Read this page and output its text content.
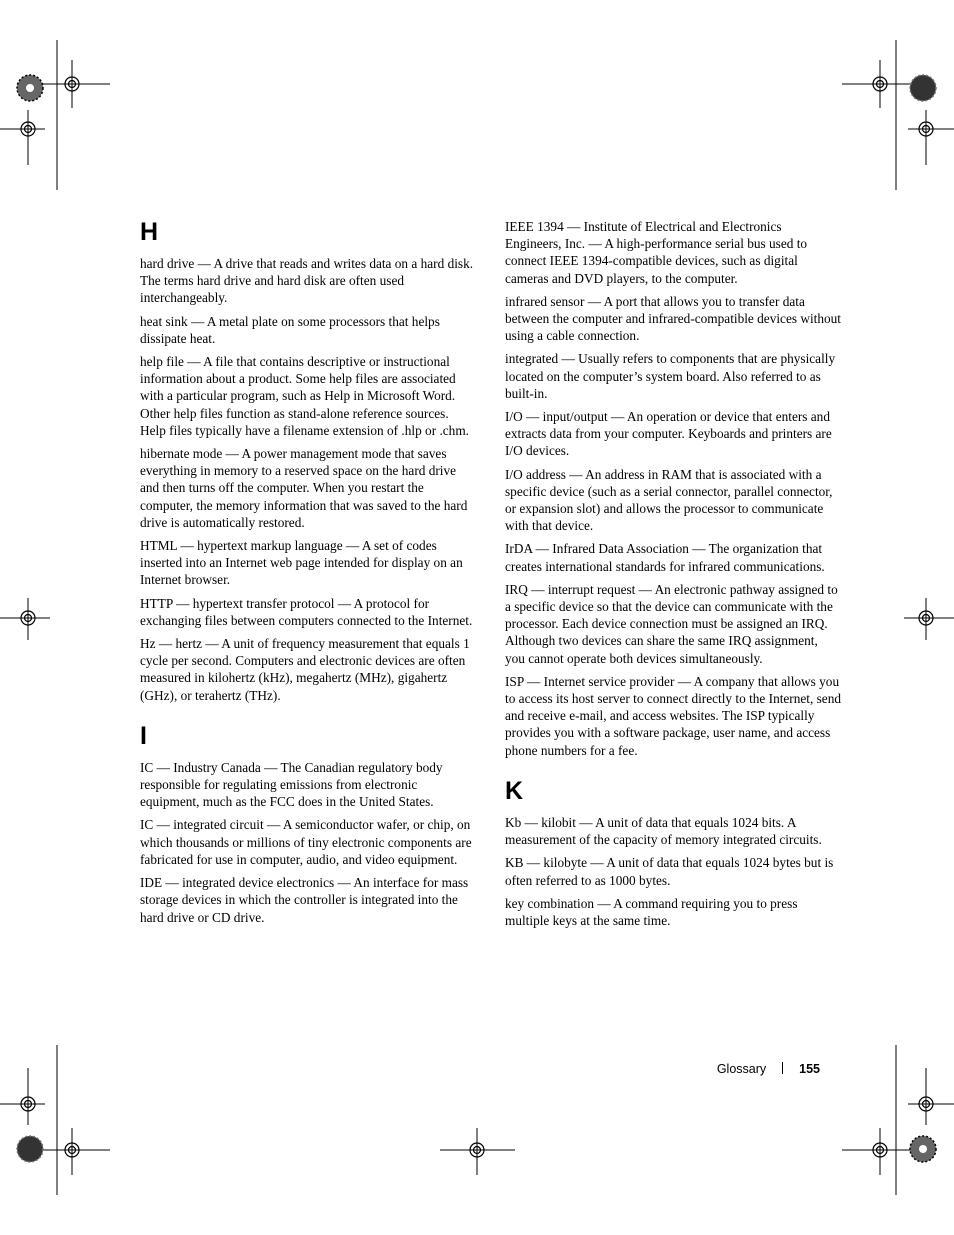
H

hard drive — A drive that reads and writes data on a hard disk. The terms hard drive and hard disk are often used interchangeably.

heat sink — A metal plate on some processors that helps dissipate heat.

help file — A file that contains descriptive or instructional information about a product. Some help files are associated with a particular program, such as Help in Microsoft Word. Other help files function as stand-alone reference sources. Help files typically have a filename extension of .hlp or .chm.

hibernate mode — A power management mode that saves everything in memory to a reserved space on the hard drive and then turns off the computer. When you restart the computer, the memory information that was saved to the hard drive is automatically restored.

HTML — hypertext markup language — A set of codes inserted into an Internet web page intended for display on an Internet browser.

HTTP — hypertext transfer protocol — A protocol for exchanging files between computers connected to the Internet.

Hz — hertz — A unit of frequency measurement that equals 1 cycle per second. Computers and electronic devices are often measured in kilohertz (kHz), megahertz (MHz), gigahertz (GHz), or terahertz (THz).

I

IC — Industry Canada — The Canadian regulatory body responsible for regulating emissions from electronic equipment, much as the FCC does in the United States.

IC — integrated circuit — A semiconductor wafer, or chip, on which thousands or millions of tiny electronic components are fabricated for use in computer, audio, and video equipment.

IDE — integrated device electronics — An interface for mass storage devices in which the controller is integrated into the hard drive or CD drive.

IEEE 1394 — Institute of Electrical and Electronics Engineers, Inc. — A high-performance serial bus used to connect IEEE 1394-compatible devices, such as digital cameras and DVD players, to the computer.

infrared sensor — A port that allows you to transfer data between the computer and infrared-compatible devices without using a cable connection.

integrated — Usually refers to components that are physically located on the computer’s system board. Also referred to as built-in.

I/O — input/output — An operation or device that enters and extracts data from your computer. Keyboards and printers are I/O devices.

I/O address — An address in RAM that is associated with a specific device (such as a serial connector, parallel connector, or expansion slot) and allows the processor to communicate with that device.

IrDA — Infrared Data Association — The organization that creates international standards for infrared communications.

IRQ — interrupt request — An electronic pathway assigned to a specific device so that the device can communicate with the processor. Each device connection must be assigned an IRQ. Although two devices can share the same IRQ assignment, you cannot operate both devices simultaneously.

ISP — Internet service provider — A company that allows you to access its host server to connect directly to the Internet, send and receive e-mail, and access websites. The ISP typically provides you with a software package, user name, and access phone numbers for a fee.

K

Kb — kilobit — A unit of data that equals 1024 bits. A measurement of the capacity of memory integrated circuits.

KB — kilobyte — A unit of data that equals 1024 bytes but is often referred to as 1000 bytes.

key combination — A command requiring you to press multiple keys at the same time.

Glossary	155
